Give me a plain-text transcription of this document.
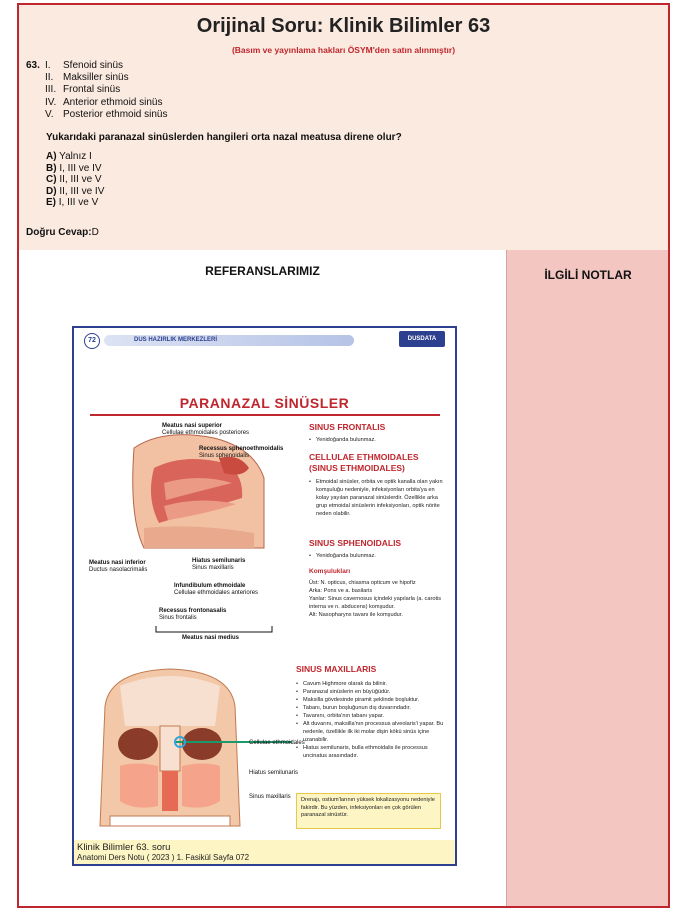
Orijinal Soru: Klinik Bilimler 63
(Basım ve yayınlama hakları ÖSYM'den satın alınmıştır)
63. I.	Sfenoid sinüs
II. Maksiller sinüs
III. Frontal sinüs
IV. Anterior ethmoid sinüs
V. Posterior ethmoid sinüs
Yukarıdaki paranazal sinüslerden hangileri orta nazal meatusa direne olur?
A) Yalnız I
B) I, III ve IV
C) II, III ve V
D) II, III ve IV
E) I, III ve V
Doğru Cevap:D
REFERANSLARIMIZ
72	DUS HAZIRLIK MERKEZLERİ	DUSDATA
PARANAZAL SİNÜSLER
Meatus nasi superior
Cellulae ethmoidales posteriores
Recessus sphenoethmoidalis
Sinus sphenoidalis
Meatus nasi inferior
Ductus nasolacrimalis
Hiatus semilunaris
Sinus maxillaris
Infundibulum ethmoidale
Cellulae ethmoidales anteriores
Recessus frontonasalis
Sinus frontalis
Meatus nasi medius
SINUS FRONTALIS
• Yenidoğanda bulunmaz.
CELLULAE ETHMOIDALES
(SINUS ETHMOIDALES)
• Etmoidal sinüsler, orbita ve optik kanalla olan yakın komşuluğu nedeniyle, infeksiyonları orbita'ya en kolay yayılan paranazal sinüslerdir. Özellikle arka grup etmoidal sinüslerin infeksiyonları, optik nörite neden olabilir.
SINUS SPHENOIDALIS
• Yenidoğanda bulunmaz.
Komşulukları
Üst: N. opticus, chiasma opticum ve hipofiz
Arka: Pons ve a. basilaris
Yanlar: Sinus cavernosus içindeki yapılarla (a. carotis interna ve n. abducens) komşudur.
Alt: Nasopharynx tavanı ile komşudur.
Cellulae ethmoidales
Hiatus semilunaris
Sinus maxillaris
SINUS MAXILLARIS
• Cavum Highmore olarak da bilinir.
• Paranazal sinüslerin en büyüğüdür.
• Maksilla gövdesinde piramit şeklinde boşluktur.
• Tabanı, burun boşluğunun dış duvarındadır.
• Tavanını, orbita'nın tabanı yapar.
• Alt duvarını, maksilla'nın processus alveolaris'i yapar. Bu nedenle, özellikle ilk iki molar dişin kökü sinüs içine uzanabilir.
• Hiatus semilunaris, bulla ethmoidalis ile processus uncinatus arasındadır.
Drenajı, ostium'larının yüksek lokalizasyonu nedeniyle fakirdir. Bu yüzden, infeksiyonları en çok görülen paranazal sinüstür.
Klinik Bilimler 63. soru
Anatomi Ders Notu ( 2023 ) 1. Fasikül Sayfa 072
İLGİLİ NOTLAR
